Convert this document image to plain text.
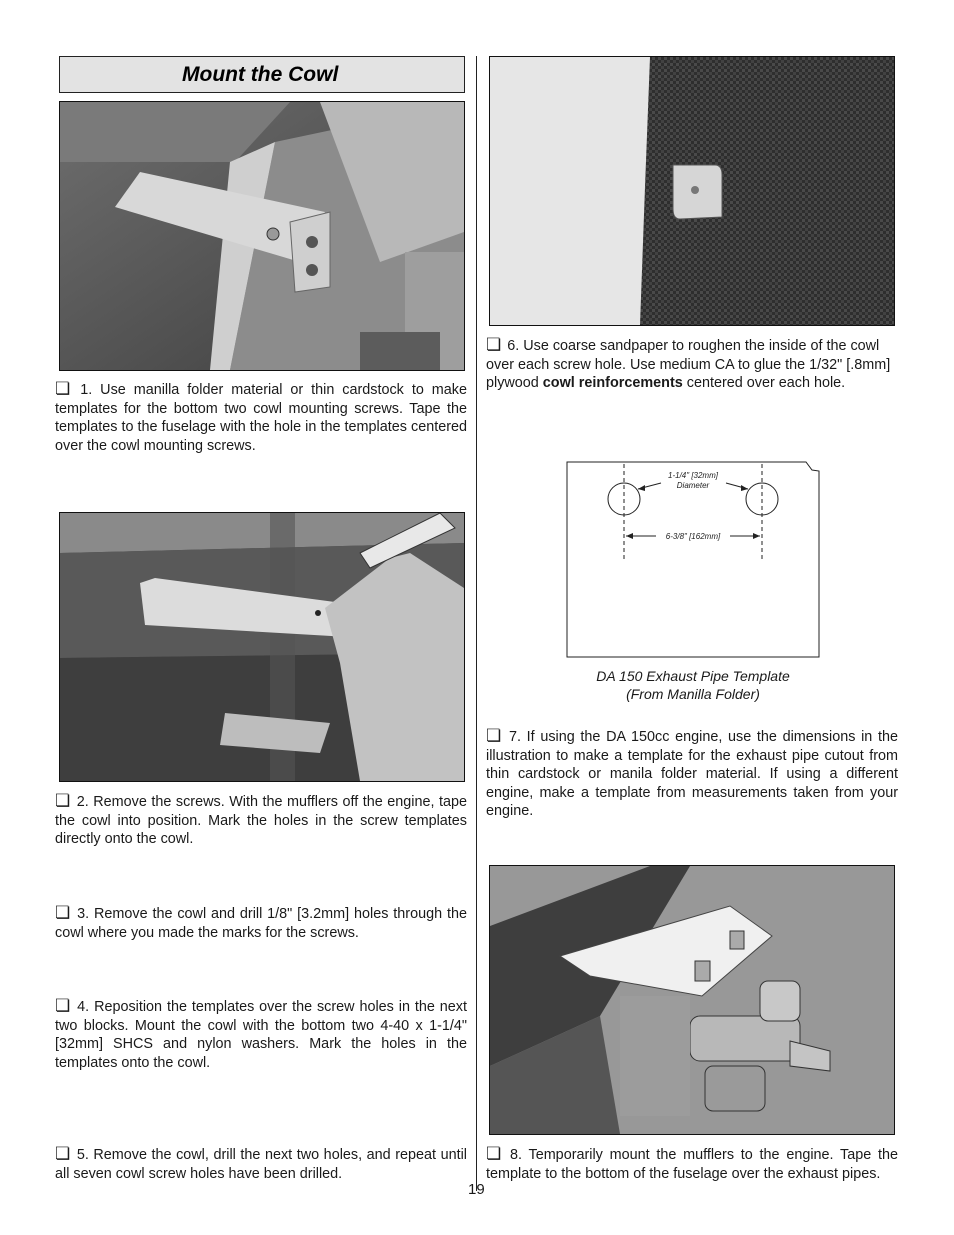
Mount the Cowl

❏ 1. Use manilla folder material or thin cardstock to make templates for the bottom two cowl mounting screws. Tape the templates to the fuselage with the hole in the templates centered over the cowl mounting screws.

❏ 2. Remove the screws. With the mufflers off the engine, tape the cowl into position. Mark the holes in the screw templates directly onto the cowl.

❏ 3. Remove the cowl and drill 1/8" [3.2mm] holes through the cowl where you made the marks for the screws.

❏ 4. Reposition the templates over the screw holes in the next two blocks. Mount the cowl with the bottom two 4-40 x 1-1/4" [32mm] SHCS and nylon washers. Mark the holes in the templates onto the cowl.

❏ 5. Remove the cowl, drill the next two holes, and repeat until all seven cowl screw holes have been drilled.

❏ 6. Use coarse sandpaper to roughen the inside of the cowl over each screw hole. Use medium CA to glue the 1/32" [.8mm] plywood cowl reinforcements centered over each hole.

1-1/4" [32mm]
Diameter
6-3/8" [162mm]
DA 150 Exhaust Pipe Template
(From Manilla Folder)

❏ 7. If using the DA 150cc engine, use the dimensions in the illustration to make a template for the exhaust pipe cutout from thin cardstock or manila folder material. If using a different engine, make a template from measurements taken from your engine.

❏ 8. Temporarily mount the mufflers to the engine. Tape the template to the bottom of the fuselage over the exhaust pipes.

19
